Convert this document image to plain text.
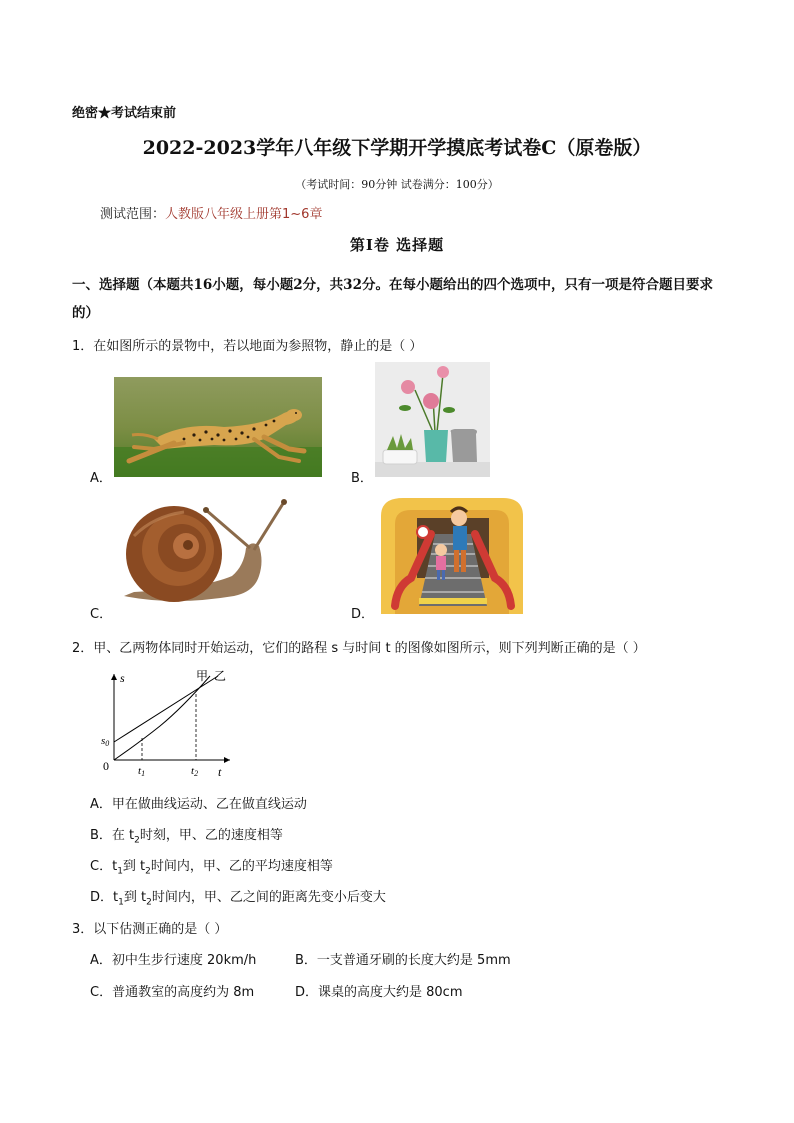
绝密★考试结束前
2022-2023学年八年级下学期开学摸底考试卷C（原卷版）
（考试时间：90分钟 试卷满分：100分）
测试范围：人教版八年级上册第1~6章
第Ⅰ卷 选择题
一、选择题（本题共16小题，每小题2分，共32分。在每小题给出的四个选项中，只有一项是符合题目要求的）
1．在如图所示的景物中，若以地面为参照物，静止的是（ ）
A．	B．
C．	D．
2．甲、乙两物体同时开始运动，它们的路程 s 与时间 t 的图像如图所示，则下列判断正确的是（ ）
s
t
0
s0
t1	t2
甲 乙
A．甲在做曲线运动、乙在做直线运动
B．在 $t_2$时刻，甲、乙的速度相等
C．$t_1$到 $t_2$时间内，甲、乙的平均速度相等
D．$t_1$到 $t_2$时间内，甲、乙之间的距离先变小后变大
3．以下估测正确的是（ ）
A．初中生步行速度 20km/h	B．一支普通牙刷的长度大约是 5mm
C．普通教室的高度约为 8m	D．课桌的高度大约是 80cm
